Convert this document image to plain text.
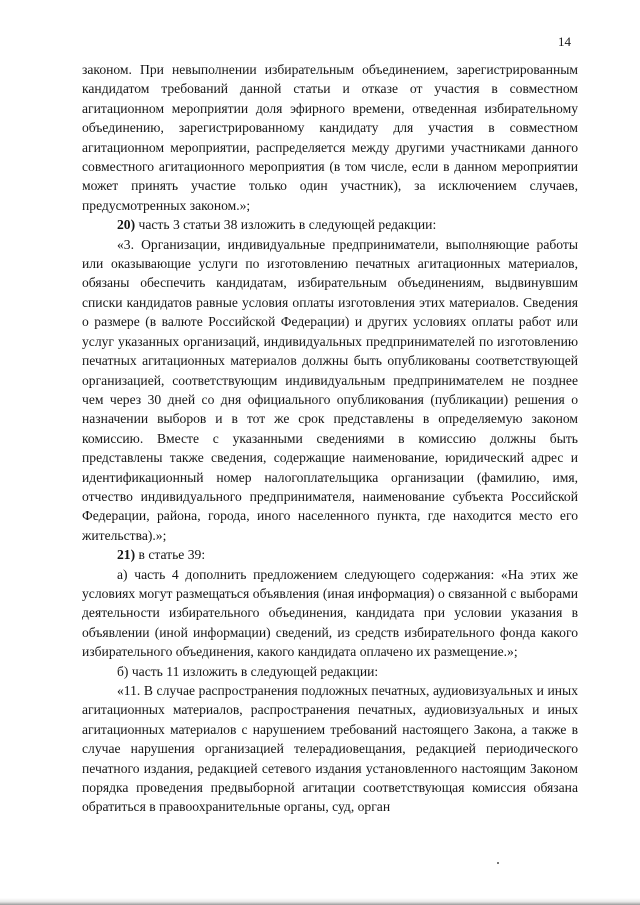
14

законом. При невыполнении избирательным объединением, зарегистрированным кандидатом требований данной статьи и отказе от участия в совместном агитационном мероприятии доля эфирного времени, отведенная избирательному объединению, зарегистрированному кандидату для участия в совместном агитационном мероприятии, распределяется между другими участниками данного совместного агитационного мероприятия (в том числе, если в данном мероприятии может принять участие только один участник), за исключением случаев, предусмотренных законом.»;

20) часть 3 статьи 38 изложить в следующей редакции:

«3. Организации, индивидуальные предприниматели, выполняющие работы или оказывающие услуги по изготовлению печатных агитационных материалов, обязаны обеспечить кандидатам, избирательным объединениям, выдвинувшим списки кандидатов равные условия оплаты изготовления этих материалов. Сведения о размере (в валюте Российской Федерации) и других условиях оплаты работ или услуг указанных организаций, индивидуальных предпринимателей по изготовлению печатных агитационных материалов должны быть опубликованы соответствующей организацией, соответствующим индивидуальным предпринимателем не позднее чем через 30 дней со дня официального опубликования (публикации) решения о назначении выборов и в тот же срок представлены в определяемую законом комиссию. Вместе с указанными сведениями в комиссию должны быть представлены также сведения, содержащие наименование, юридический адрес и идентификационный номер налогоплательщика организации (фамилию, имя, отчество индивидуального предпринимателя, наименование субъекта Российской Федерации, района, города, иного населенного пункта, где находится место его жительства).»;

21) в статье 39:

а) часть 4 дополнить предложением следующего содержания: «На этих же условиях могут размещаться объявления (иная информация) о связанной с выборами деятельности избирательного объединения, кандидата при условии указания в объявлении (иной информации) сведений, из средств избирательного фонда какого избирательного объединения, какого кандидата оплачено их размещение.»;

б) часть 11 изложить в следующей редакции:

«11. В случае распространения подложных печатных, аудиовизуальных и иных агитационных материалов, распространения печатных, аудиовизуальных и иных агитационных материалов с нарушением требований настоящего Закона, а также в случае нарушения организацией телерадиовещания, редакцией периодического печатного издания, редакцией сетевого издания установленного настоящим Законом порядка проведения предвыборной агитации соответствующая комиссия обязана обратиться в правоохранительные органы, суд, орган
